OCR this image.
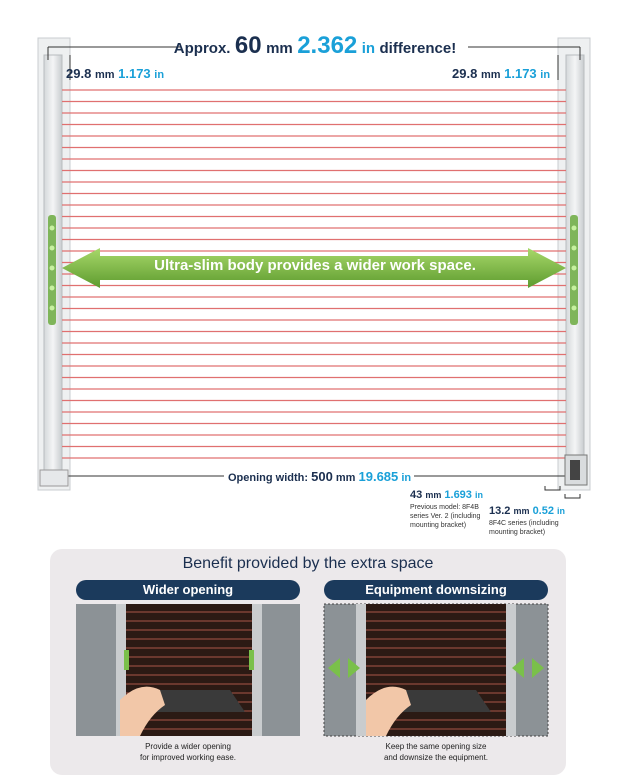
Approx. 60 mm 2.362 in difference!
29.8 mm 1.173 in	29.8 mm 1.173 in
Ultra-slim body provides a wider work space.
Opening width: 500 mm 19.685 in
43 mm 1.693 in
Previous model: 8F4B series Ver. 2 (including mounting bracket)
13.2 mm 0.52 in
8F4C series (including mounting bracket)
Benefit provided by the extra space
Wider opening	Equipment downsizing
Provide a wider opening
for improved working ease.
Keep the same opening size
and downsize the equipment.
